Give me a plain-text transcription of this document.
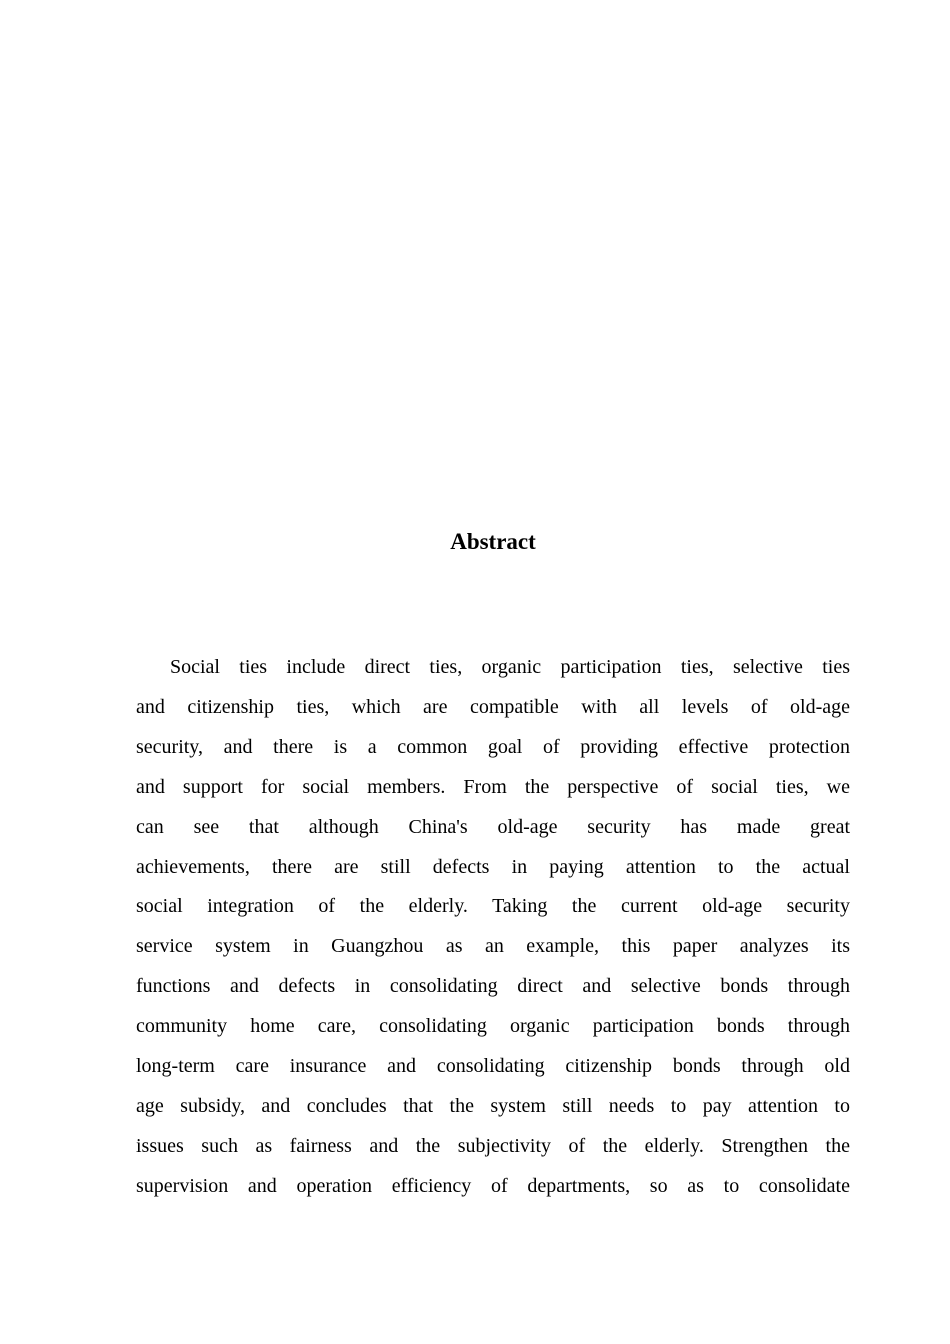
Abstract
Social ties include direct ties, organic participation ties, selective ties
and citizenship ties, which are compatible with all levels of old-age
security, and there is a common goal of providing effective protection
and support for social members. From the perspective of social ties, we
can see that although China's old-age security has made great
achievements, there are still defects in paying attention to the actual
social integration of the elderly. Taking the current old-age security
service system in Guangzhou as an example, this paper analyzes its
functions and defects in consolidating direct and selective bonds through
community home care, consolidating organic participation bonds through
long-term care insurance and consolidating citizenship bonds through old
age subsidy, and concludes that the system still needs to pay attention to
issues such as fairness and the subjectivity of the elderly. Strengthen the
supervision and operation efficiency of departments, so as to consolidate
